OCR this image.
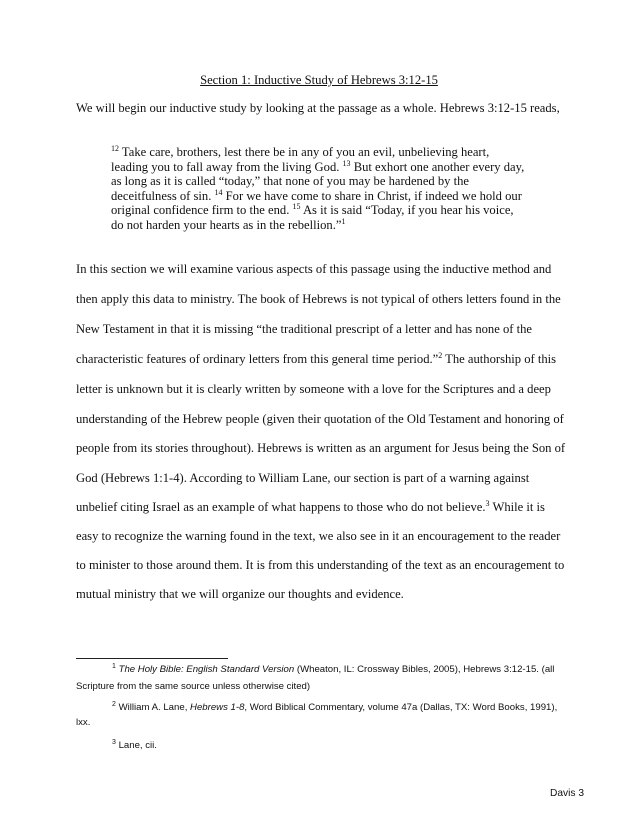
Section 1: Inductive Study of Hebrews 3:12-15
We will begin our inductive study by looking at the passage as a whole. Hebrews 3:12-15 reads,
$^{12}$ Take care, brothers, lest there be in any of you an evil, unbelieving heart,
leading you to fall away from the living God. $^{13}$ But exhort one another every day,
as long as it is called “today,” that none of you may be hardened by the
deceitfulness of sin. $^{14}$ For we have come to share in Christ, if indeed we hold our
original confidence firm to the end. $^{15}$ As it is said “Today, if you hear his voice,
do not harden your hearts as in the rebellion.”$^1$
In this section we will examine various aspects of this passage using the inductive method and
then apply this data to ministry. The book of Hebrews is not typical of others letters found in the
New Testament in that it is missing “the traditional prescript of a letter and has none of the
characteristic features of ordinary letters from this general time period.”$^2$ The authorship of this
letter is unknown but it is clearly written by someone with a love for the Scriptures and a deep
understanding of the Hebrew people (given their quotation of the Old Testament and honoring of
people from its stories throughout). Hebrews is written as an argument for Jesus being the Son of
God (Hebrews 1:1-4). According to William Lane, our section is part of a warning against
unbelief citing Israel as an example of what happens to those who do not believe.$^3$ While it is
easy to recognize the warning found in the text, we also see in it an encouragement to the reader
to minister to those around them. It is from this understanding of the text as an encouragement to
mutual ministry that we will organize our thoughts and evidence.
$^1$ The Holy Bible: English Standard Version (Wheaton, IL: Crossway Bibles, 2005), Hebrews 3:12-15. (all
Scripture from the same source unless otherwise cited)
$^2$ William A. Lane, Hebrews 1-8, Word Biblical Commentary, volume 47a (Dallas, TX: Word Books, 1991),
lxx.
$^3$ Lane, cii.
Davis 3
